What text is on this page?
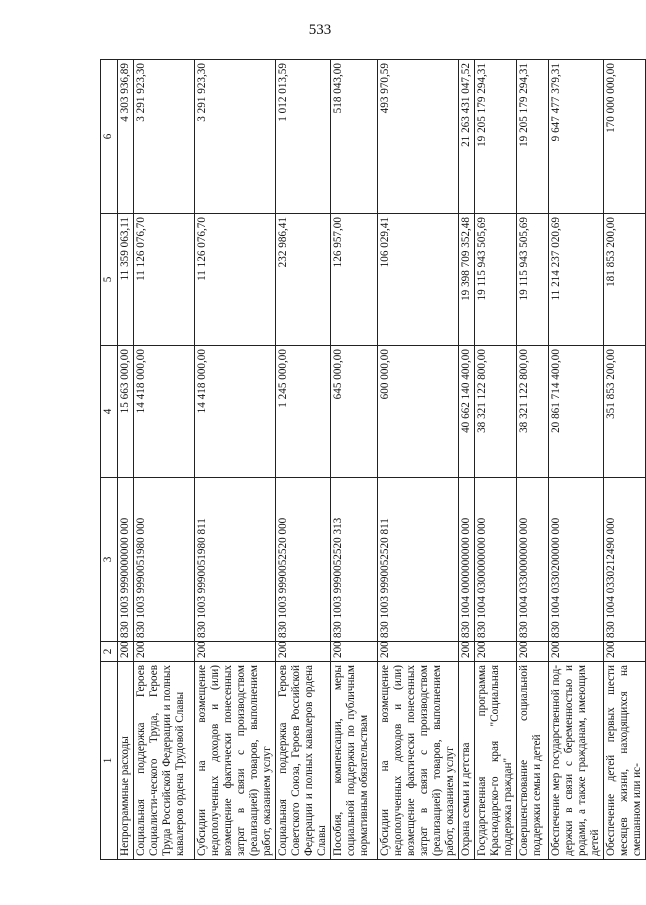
533
1	2	3	4	5	6
Непрограммные расходы	200	830 1003 9990000000 000	15 663 000,00	11 359 063,11	4 303 936,89
Социальная поддержка Героев Социалисти-ческого Труда, Героев Труда Российской Федерации и полных кавалеров ордена Трудовой Славы	200	830 1003 9990051980 000	14 418 000,00	11 126 076,70	3 291 923,30
Субсидии на возмещение недополученных доходов и (или) возмещение фактически понесенных затрат в связи с производством (реализацией) товаров, выполнением работ, оказанием услуг	200	830 1003 9990051980 811	14 418 000,00	11 126 076,70	3 291 923,30
Социальная поддержка Героев Советского Союза, Героев Российской Федерации и полных кавалеров ордена Славы	200	830 1003 9990052520 000	1 245 000,00	232 986,41	1 012 013,59
Пособия, компенсации, меры социальной поддержки по публичным нормативным обязательствам	200	830 1003 9990052520 313	645 000,00	126 957,00	518 043,00
Субсидии на возмещение недополученных доходов и (или) возмещение фактически понесенных затрат в связи с производством (реализацией) товаров, выполнением работ, оказанием услуг	200	830 1003 9990052520 811	600 000,00	106 029,41	493 970,59
Охрана семьи и детства	200	830 1004 0000000000 000	40 662 140 400,00	19 398 709 352,48	21 263 431 047,52
Государственная программа Краснодарско-го края "Социальная поддержка граждан"	200	830 1004 0300000000 000	38 321 122 800,00	19 115 943 505,69	19 205 179 294,31
Совершенствование социальной поддержки семьи и детей	200	830 1004 0330000000 000	38 321 122 800,00	19 115 943 505,69	19 205 179 294,31
Обеспечение мер государственной под-держки в связи с беременностью и родами, а также гражданам, имеющим детей	200	830 1004 0330200000 000	20 861 714 400,00	11 214 237 020,69	9 647 477 379,31
Обеспечение детей первых шести месяцев жизни, находящихся на смешанном или ис-	200	830 1004 0330212490 000	351 853 200,00	181 853 200,00	170 000 000,00
